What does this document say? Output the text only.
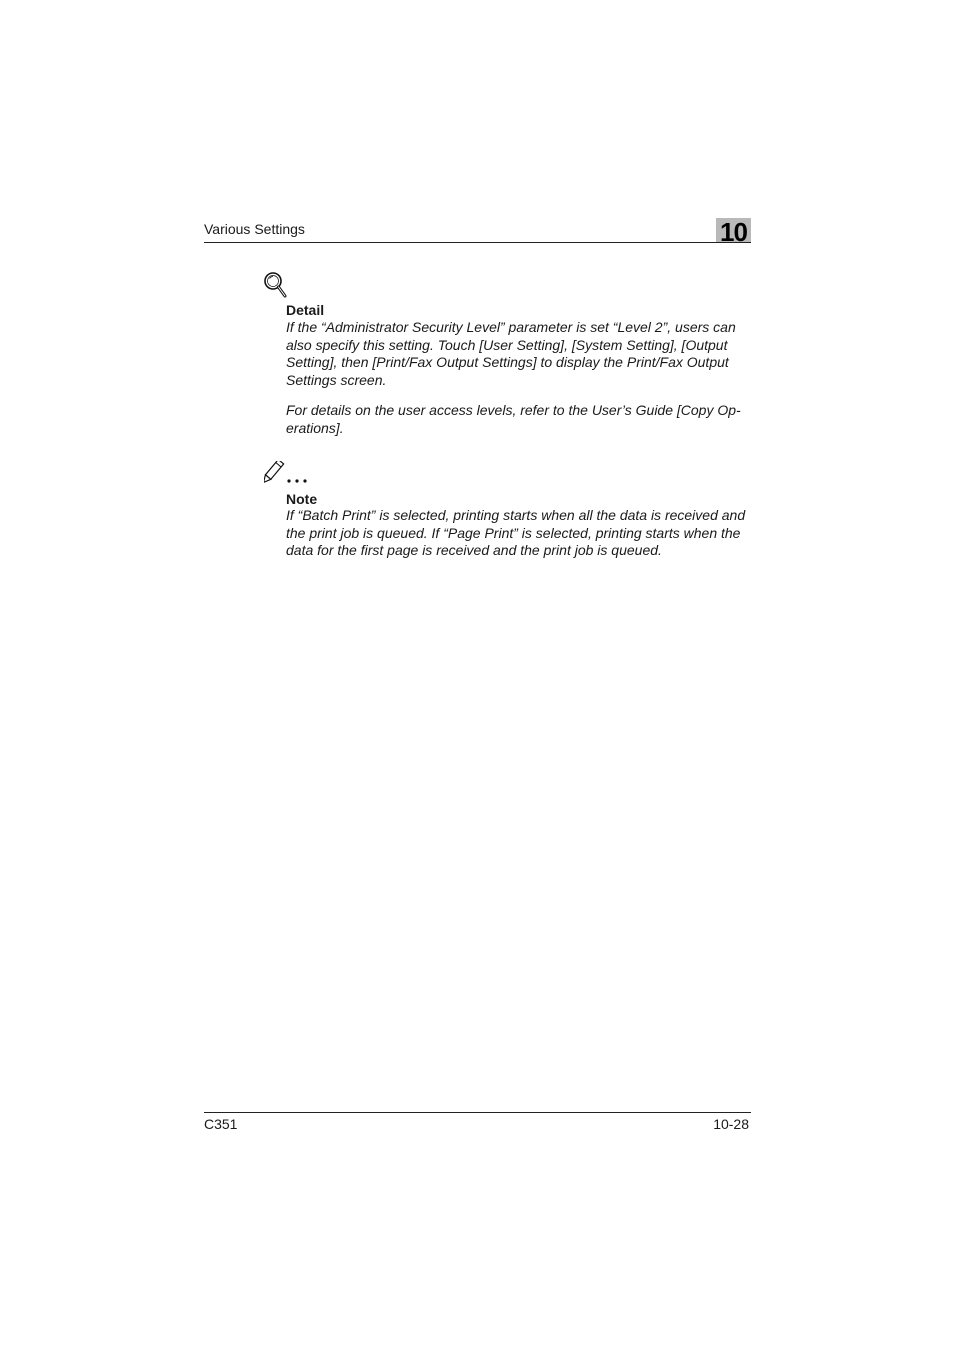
Various Settings	10
Detail
If the “Administrator Security Level” parameter is set “Level 2”, users can also specify this setting. Touch [User Setting], [System Setting], [Output Setting], then [Print/Fax Output Settings] to display the Print/Fax Output Settings screen.
For details on the user access levels, refer to the User’s Guide [Copy Op-erations].
Note
If “Batch Print” is selected, printing starts when all the data is received and the print job is queued. If “Page Print” is selected, printing starts when the data for the first page is received and the print job is queued.
C351	10-28
